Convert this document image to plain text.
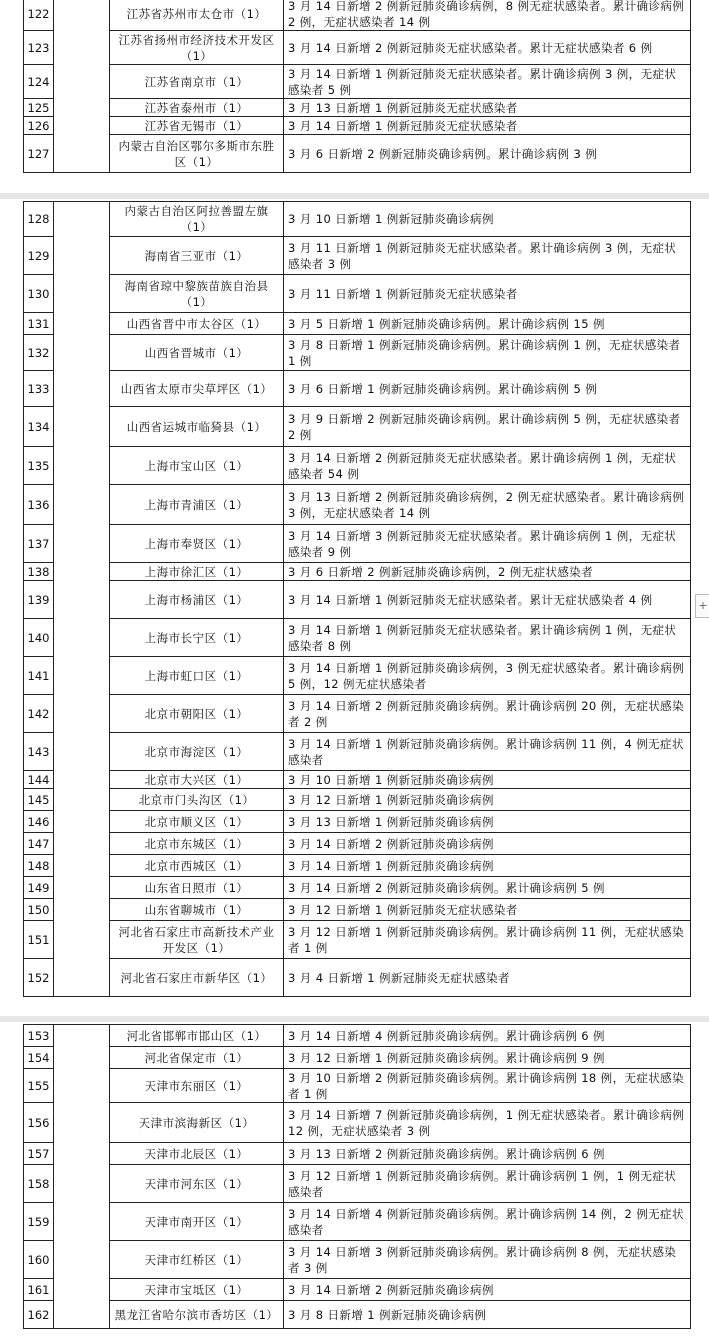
122		江苏省苏州市太仓市（1）	3 月 14 日新增 2 例新冠肺炎确诊病例，8 例无症状感染者。累计确诊病例 2 例，无症状感染者 14 例
123		江苏省扬州市经济技术开发区（1）	3 月 14 日新增 2 例新冠肺炎无症状感染者。累计无症状感染者 6 例
124		江苏省南京市（1）	3 月 14 日新增 1 例新冠肺炎无症状感染者。累计确诊病例 3 例，无症状感染者 5 例
125		江苏省泰州市（1）	3 月 13 日新增 1 例新冠肺炎无症状感染者
126		江苏省无锡市（1）	3 月 14 日新增 1 例新冠肺炎无症状感染者
127		内蒙古自治区鄂尔多斯市东胜区（1）	3 月 6 日新增 2 例新冠肺炎确诊病例。累计确诊病例 3 例
128		内蒙古自治区阿拉善盟左旗（1）	3 月 10 日新增 1 例新冠肺炎确诊病例
129		海南省三亚市（1）	3 月 11 日新增 1 例新冠肺炎无症状感染者。累计确诊病例 3 例，无症状感染者 3 例
130		海南省琼中黎族苗族自治县（1）	3 月 11 日新增 1 例新冠肺炎无症状感染者
131		山西省晋中市太谷区（1）	3 月 5 日新增 1 例新冠肺炎确诊病例。累计确诊病例 15 例
132		山西省晋城市（1）	3 月 8 日新增 1 例新冠肺炎确诊病例。累计确诊病例 1 例，无症状感染者 1 例
133		山西省太原市尖草坪区（1）	3 月 6 日新增 1 例新冠肺炎确诊病例。累计确诊病例 5 例
134		山西省运城市临猗县（1）	3 月 9 日新增 2 例新冠肺炎确诊病例。累计确诊病例 5 例，无症状感染者 2 例
135		上海市宝山区（1）	3 月 14 日新增 2 例新冠肺炎无症状感染者。累计确诊病例 1 例，无症状感染者 54 例
136		上海市青浦区（1）	3 月 13 日新增 2 例新冠肺炎确诊病例，2 例无症状感染者。累计确诊病例 3 例，无症状感染者 14 例
137		上海市奉贤区（1）	3 月 14 日新增 3 例新冠肺炎无症状感染者。累计确诊病例 1 例，无症状感染者 9 例
138		上海市徐汇区（1）	3 月 6 日新增 2 例新冠肺炎确诊病例，2 例无症状感染者
139		上海市杨浦区（1）	3 月 14 日新增 1 例新冠肺炎无症状感染者。累计无症状感染者 4 例
140		上海市长宁区（1）	3 月 14 日新增 1 例新冠肺炎无症状感染者。累计确诊病例 1 例，无症状感染者 8 例
141		上海市虹口区（1）	3 月 14 日新增 1 例新冠肺炎确诊病例，3 例无症状感染者。累计确诊病例 5 例，12 例无症状感染者
142		北京市朝阳区（1）	3 月 14 日新增 2 例新冠肺炎确诊病例。累计确诊病例 20 例，无症状感染者 2 例
143		北京市海淀区（1）	3 月 14 日新增 1 例新冠肺炎确诊病例。累计确诊病例 11 例，4 例无症状感染者
144		北京市大兴区（1）	3 月 10 日新增 1 例新冠肺炎确诊病例
145		北京市门头沟区（1）	3 月 12 日新增 1 例新冠肺炎确诊病例
146		北京市顺义区（1）	3 月 13 日新增 1 例新冠肺炎确诊病例
147		北京市东城区（1）	3 月 14 日新增 2 例新冠肺炎确诊病例
148		北京市西城区（1）	3 月 14 日新增 1 例新冠肺炎确诊病例
149		山东省日照市（1）	3 月 14 日新增 2 例新冠肺炎确诊病例。累计确诊病例 5 例
150		山东省聊城市（1）	3 月 12 日新增 1 例新冠肺炎无症状感染者
151		河北省石家庄市高新技术产业开发区（1）	3 月 12 日新增 1 例新冠肺炎确诊病例。累计确诊病例 11 例，无症状感染者 1 例
152		河北省石家庄市新华区（1）	3 月 4 日新增 1 例新冠肺炎无症状感染者
153		河北省邯郸市邯山区（1）	3 月 14 日新增 4 例新冠肺炎确诊病例。累计确诊病例 6 例
154		河北省保定市（1）	3 月 12 日新增 1 例新冠肺炎确诊病例。累计确诊病例 9 例
155		天津市东丽区（1）	3 月 10 日新增 2 例新冠肺炎确诊病例。累计确诊病例 18 例，无症状感染者 1 例
156		天津市滨海新区（1）	3 月 14 日新增 7 例新冠肺炎确诊病例，1 例无症状感染者。累计确诊病例 12 例，无症状感染者 3 例
157		天津市北辰区（1）	3 月 13 日新增 2 例新冠肺炎确诊病例。累计确诊病例 6 例
158		天津市河东区（1）	3 月 12 日新增 1 例新冠肺炎确诊病例。累计确诊病例 1 例，1 例无症状感染者
159		天津市南开区（1）	3 月 14 日新增 4 例新冠肺炎确诊病例。累计确诊病例 14 例，2 例无症状感染者
160		天津市红桥区（1）	3 月 14 日新增 3 例新冠肺炎确诊病例。累计确诊病例 8 例，无症状感染者 3 例
161		天津市宝坻区（1）	3 月 14 日新增 2 例新冠肺炎确诊病例
162		黑龙江省哈尔滨市香坊区（1）	3 月 8 日新增 1 例新冠肺炎确诊病例
+
